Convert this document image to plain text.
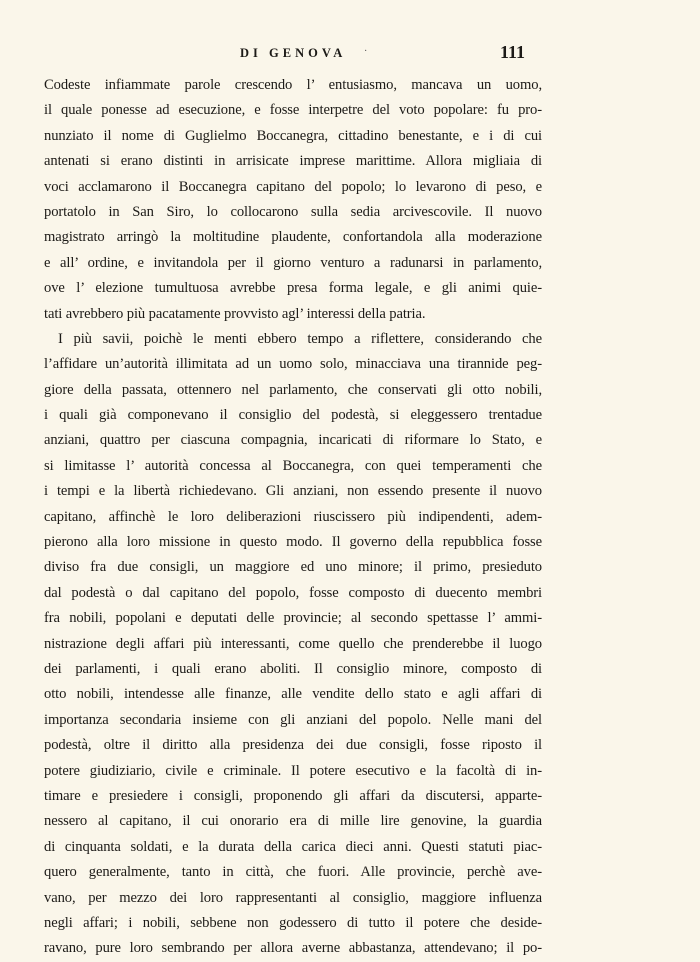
DI GENOVA ·	111
Codeste infiammate parole crescendo l’ entusiasmo, mancava un uomo,
il quale ponesse ad esecuzione, e fosse interpetre del voto popolare: fu pro-
nunziato il nome di Guglielmo Boccanegra, cittadino benestante, e i di cui
antenati si erano distinti in arrisicate imprese marittime. Allora migliaia di
voci acclamarono il Boccanegra capitano del popolo; lo levarono di peso, e
portatolo in San Siro, lo collocarono sulla sedia arcivescovile. Il nuovo
magistrato arringò la moltitudine plaudente, confortandola alla moderazione
e all’ ordine, e invitandola per il giorno venturo a radunarsi in parlamento,
ove l’ elezione tumultuosa avrebbe presa forma legale, e gli animi quie-
tati avrebbero più pacatamente provvisto agl’ interessi della patria.
I più savii, poichè le menti ebbero tempo a riflettere, considerando che
l’affidare un’autorità illimitata ad un uomo solo, minacciava una tirannide peg-
giore della passata, ottennero nel parlamento, che conservati gli otto nobili,
i quali già componevano il consiglio del podestà, si eleggessero trentadue
anziani, quattro per ciascuna compagnia, incaricati di riformare lo Stato, e
si limitasse l’ autorità concessa al Boccanegra, con quei temperamenti che
i tempi e la libertà richiedevano. Gli anziani, non essendo presente il nuovo
capitano, affinchè le loro deliberazioni riuscissero più indipendenti, adem-
pierono alla loro missione in questo modo. Il governo della repubblica fosse
diviso fra due consigli, un maggiore ed uno minore; il primo, presieduto
dal podestà o dal capitano del popolo, fosse composto di duecento membri
fra nobili, popolani e deputati delle provincie; al secondo spettasse l’ ammi-
nistrazione degli affari più interessanti, come quello che prenderebbe il luogo
dei parlamenti, i quali erano aboliti. Il consiglio minore, composto di
otto nobili, intendesse alle finanze, alle vendite dello stato e agli affari di
importanza secondaria insieme con gli anziani del popolo. Nelle mani del
podestà, oltre il diritto alla presidenza dei due consigli, fosse riposto il
potere giudiziario, civile e criminale. Il potere esecutivo e la facoltà di in-
timare e presiedere i consigli, proponendo gli affari da discutersi, apparte-
nessero al capitano, il cui onorario era di mille lire genovine, la guardia
di cinquanta soldati, e la durata della carica dieci anni. Questi statuti piac-
quero generalmente, tanto in città, che fuori. Alle provincie, perchè ave-
vano, per mezzo dei loro rappresentanti al consiglio, maggiore influenza
negli affari; i nobili, sebbene non godessero di tutto il potere che deside-
ravano, pure loro sembrando per allora averne abbastanza, attendevano; il po-
